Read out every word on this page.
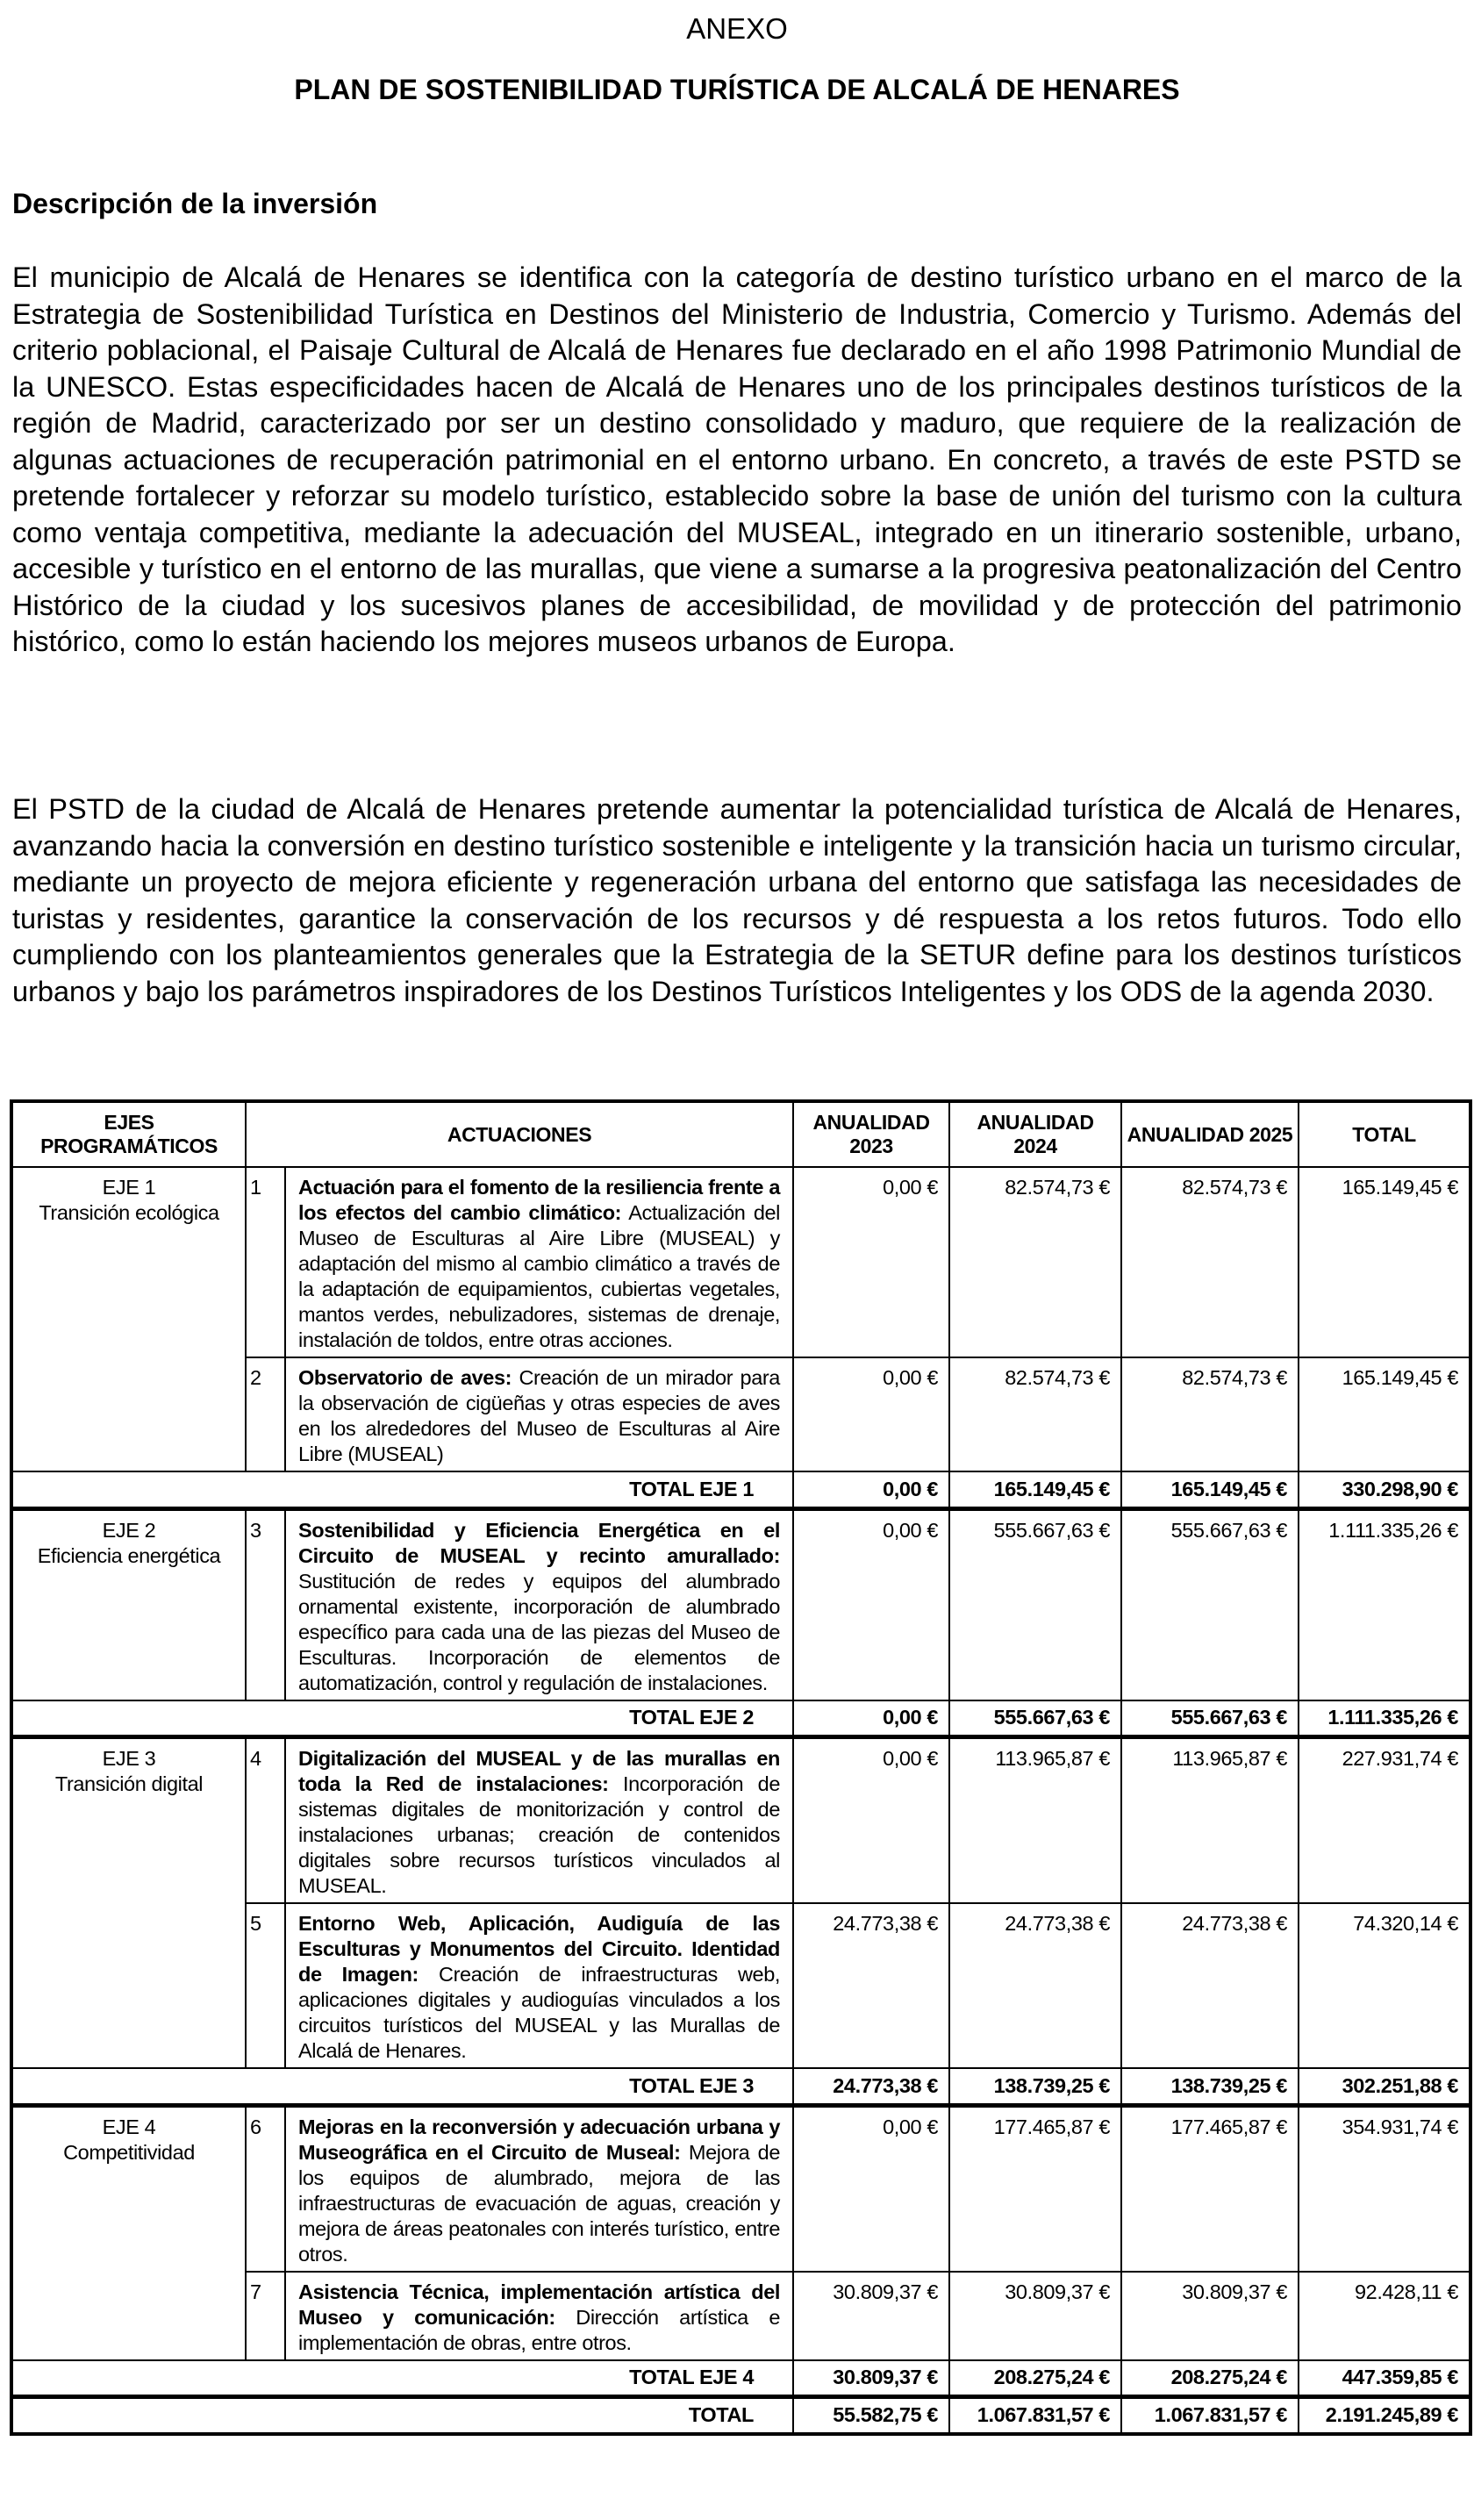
ANEXO
PLAN DE SOSTENIBILIDAD TURÍSTICA DE ALCALÁ DE HENARES
Descripción de la inversión

El municipio de Alcalá de Henares se identifica con la categoría de destino turístico urbano en el marco de la Estrategia de Sostenibilidad Turística en Destinos del Ministerio de Industria, Comercio y Turismo. Además del criterio poblacional, el Paisaje Cultural de Alcalá de Henares fue declarado en el año 1998 Patrimonio Mundial de la UNESCO. Estas especificidades hacen de Alcalá de Henares uno de los principales destinos turísticos de la región de Madrid, caracterizado por ser un destino consolidado y maduro, que requiere de la realización de algunas actuaciones de recuperación patrimonial en el entorno urbano. En concreto, a través de este PSTD se pretende fortalecer y reforzar su modelo turístico, establecido sobre la base de unión del turismo con la cultura como ventaja competitiva, mediante la adecuación del MUSEAL, integrado en un itinerario sostenible, urbano, accesible y turístico en el entorno de las murallas, que viene a sumarse a la progresiva peatonalización del Centro Histórico de la ciudad y los sucesivos planes de accesibilidad, de movilidad y de protección del patrimonio histórico, como lo están haciendo los mejores museos urbanos de Europa.

El PSTD de la ciudad de Alcalá de Henares pretende aumentar la potencialidad turística de Alcalá de Henares, avanzando hacia la conversión en destino turístico sostenible e inteligente y la transición hacia un turismo circular, mediante un proyecto de mejora eficiente y regeneración urbana del entorno que satisfaga las necesidades de turistas y residentes, garantice la conservación de los recursos y dé respuesta a los retos futuros. Todo ello cumpliendo con los planteamientos generales que la Estrategia de la SETUR define para los destinos turísticos urbanos y bajo los parámetros inspiradores de los Destinos Turísticos Inteligentes y los ODS de la agenda 2030.

EJES PROGRAMÁTICOS	ACTUACIONES		ANUALIDAD 2023	ANUALIDAD 2024	ANUALIDAD 2025	TOTAL

EJE 1
Transición ecológica	1	Actuación para el fomento de la resiliencia frente a los efectos del cambio climático: Actualización del Museo de Esculturas al Aire Libre (MUSEAL) y adaptación del mismo al cambio climático a través de la adaptación de equipamientos, cubiertas vegetales, mantos verdes, nebulizadores, sistemas de drenaje, instalación de toldos, entre otras acciones.	0,00 €	82.574,73 €	82.574,73 €	165.149,45 €
	2	Observatorio de aves: Creación de un mirador para la observación de cigüeñas y otras especies de aves en los alrededores del Museo de Esculturas al Aire Libre (MUSEAL)	0,00 €	82.574,73 €	82.574,73 €	165.149,45 €
TOTAL EJE 1			0,00 €	165.149,45 €	165.149,45 €	330.298,90 €

EJE 2
Eficiencia energética	3	Sostenibilidad y Eficiencia Energética en el Circuito de MUSEAL y recinto amurallado: Sustitución de redes y equipos del alumbrado ornamental existente, incorporación de alumbrado específico para cada una de las piezas del Museo de Esculturas. Incorporación de elementos de automatización, control y regulación de instalaciones.	0,00 €	555.667,63 €	555.667,63 €	1.111.335,26 €
TOTAL EJE 2			0,00 €	555.667,63 €	555.667,63 €	1.111.335,26 €

EJE 3
Transición digital	4	Digitalización del MUSEAL y de las murallas en toda la Red de instalaciones: Incorporación de sistemas digitales de monitorización y control de instalaciones urbanas; creación de contenidos digitales sobre recursos turísticos vinculados al MUSEAL.	0,00 €	113.965,87 €	113.965,87 €	227.931,74 €
	5	Entorno Web, Aplicación, Audiguía de las Esculturas y Monumentos del Circuito. Identidad de Imagen: Creación de infraestructuras web, aplicaciones digitales y audioguías vinculados a los circuitos turísticos del MUSEAL y las Murallas de Alcalá de Henares.	24.773,38 €	24.773,38 €	24.773,38 €	74.320,14 €
TOTAL EJE 3			24.773,38 €	138.739,25 €	138.739,25 €	302.251,88 €

EJE 4
Competitividad	6	Mejoras en la reconversión y adecuación urbana y Museográfica en el Circuito de Museal: Mejora de los equipos de alumbrado, mejora de las infraestructuras de evacuación de aguas, creación y mejora de áreas peatonales con interés turístico, entre otros.	0,00 €	177.465,87 €	177.465,87 €	354.931,74 €
	7	Asistencia Técnica, implementación artística del Museo y comunicación: Dirección artística e implementación de obras, entre otros.	30.809,37 €	30.809,37 €	30.809,37 €	92.428,11 €
TOTAL EJE 4			30.809,37 €	208.275,24 €	208.275,24 €	447.359,85 €
TOTAL			55.582,75 €	1.067.831,57 €	1.067.831,57 €	2.191.245,89 €
